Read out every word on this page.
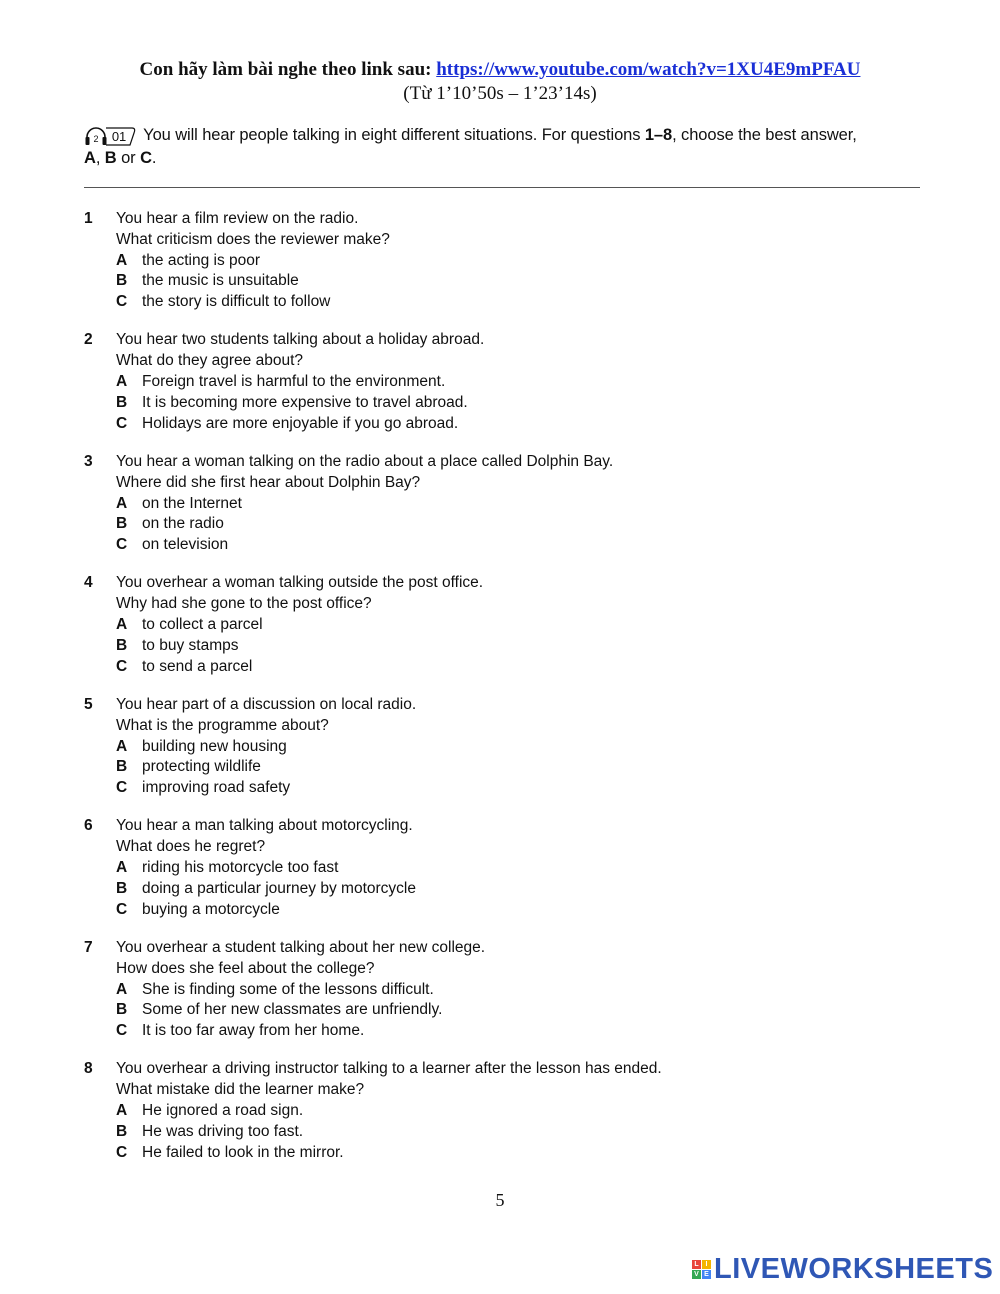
Con hãy làm bài nghe theo link sau: https://www.youtube.com/watch?v=1XU4E9mPFAU
(Từ 1’10’50s – 1’23’14s)
2 01 You will hear people talking in eight different situations. For questions 1–8, choose the best answer,
A, B or C.
1	You hear a film review on the radio.
What criticism does the reviewer make?
A the acting is poor
B the music is unsuitable
C the story is difficult to follow
2	You hear two students talking about a holiday abroad.
What do they agree about?
A Foreign travel is harmful to the environment.
B It is becoming more expensive to travel abroad.
C Holidays are more enjoyable if you go abroad.
3	You hear a woman talking on the radio about a place called Dolphin Bay.
Where did she first hear about Dolphin Bay?
A on the Internet
B on the radio
C on television
4	You overhear a woman talking outside the post office.
Why had she gone to the post office?
A to collect a parcel
B to buy stamps
C to send a parcel
5	You hear part of a discussion on local radio.
What is the programme about?
A building new housing
B protecting wildlife
C improving road safety
6	You hear a man talking about motorcycling.
What does he regret?
A riding his motorcycle too fast
B doing a particular journey by motorcycle
C buying a motorcycle
7	You overhear a student talking about her new college.
How does she feel about the college?
A She is finding some of the lessons difficult.
B Some of her new classmates are unfriendly.
C It is too far away from her home.
8	You overhear a driving instructor talking to a learner after the lesson has ended.
What mistake did the learner make?
A He ignored a road sign.
B He was driving too fast.
C He failed to look in the mirror.
5
L I
V E LIVEWORKSHEETS
